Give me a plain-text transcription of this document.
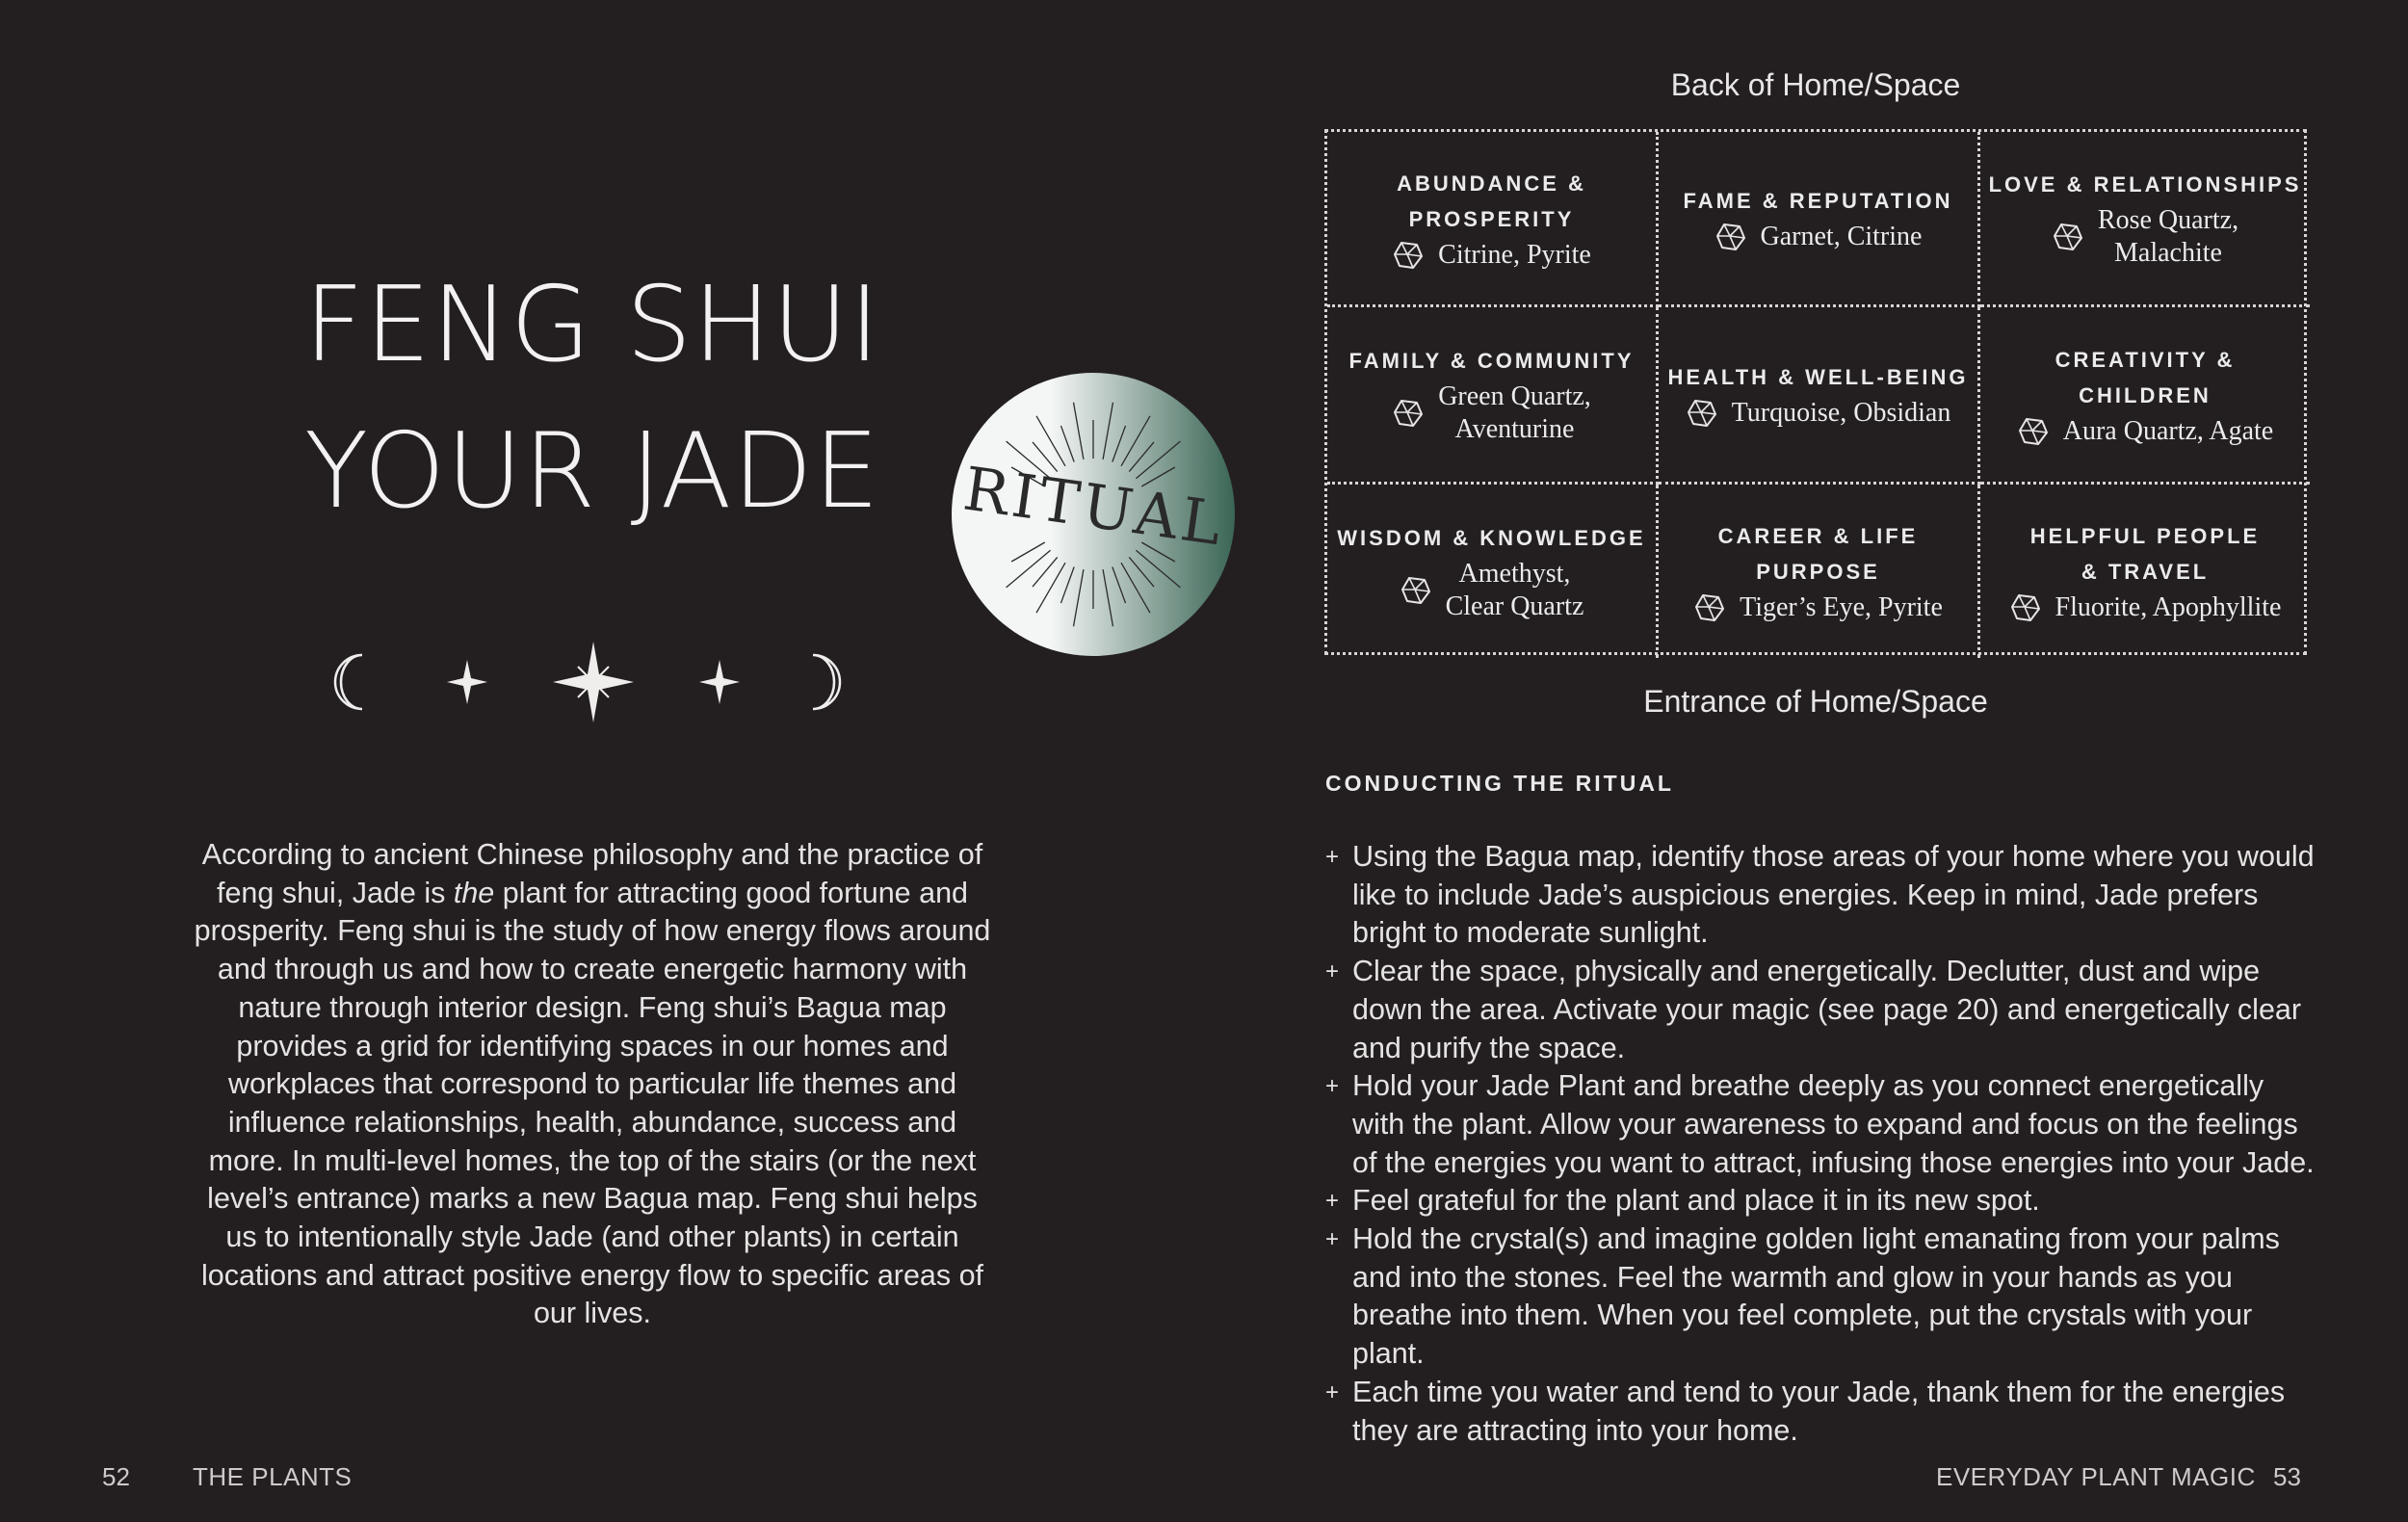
FENG SHUI
YOUR JADE	RITUAL

According to ancient Chinese philosophy and the practice of feng shui, Jade is the plant for attracting good fortune and prosperity. Feng shui is the study of how energy flows around and through us and how to create energetic harmony with nature through interior design. Feng shui’s Bagua map provides a grid for identifying spaces in our homes and workplaces that correspond to particular life themes and influence relationships, health, abundance, success and more. In multi-level homes, the top of the stairs (or the next level’s entrance) marks a new Bagua map. Feng shui helps us to intentionally style Jade (and other plants) in certain locations and attract positive energy flow to specific areas of our lives.

52	THE PLANTS
Back of Home/Space
ABUNDANCE &
PROSPERITY
Citrine, Pyrite
FAME & REPUTATION
Garnet, Citrine
LOVE & RELATIONSHIPS
Rose Quartz,
Malachite
FAMILY & COMMUNITY
Green Quartz,
Aventurine
HEALTH & WELL-BEING
Turquoise, Obsidian
CREATIVITY & CHILDREN
Aura Quartz, Agate
WISDOM & KNOWLEDGE
Amethyst,
Clear Quartz
CAREER & LIFE PURPOSE
Tiger’s Eye, Pyrite
HELPFUL PEOPLE
& TRAVEL
Fluorite, Apophyllite
Entrance of Home/Space
CONDUCTING THE RITUAL
+ Using the Bagua map, identify those areas of your home where you would like to include Jade’s auspicious energies. Keep in mind, Jade prefers bright to moderate sunlight.
+ Clear the space, physically and energetically. Declutter, dust and wipe down the area. Activate your magic (see page 20) and energetically clear and purify the space.
+ Hold your Jade Plant and breathe deeply as you connect energetically with the plant. Allow your awareness to expand and focus on the feelings of the energies you want to attract, infusing those energies into your Jade.
+ Feel grateful for the plant and place it in its new spot.
+ Hold the crystal(s) and imagine golden light emanating from your palms and into the stones. Feel the warmth and glow in your hands as you breathe into them. When you feel complete, put the crystals with your plant.
+ Each time you water and tend to your Jade, thank them for the energies they are attracting into your home.
EVERYDAY PLANT MAGIC 53
